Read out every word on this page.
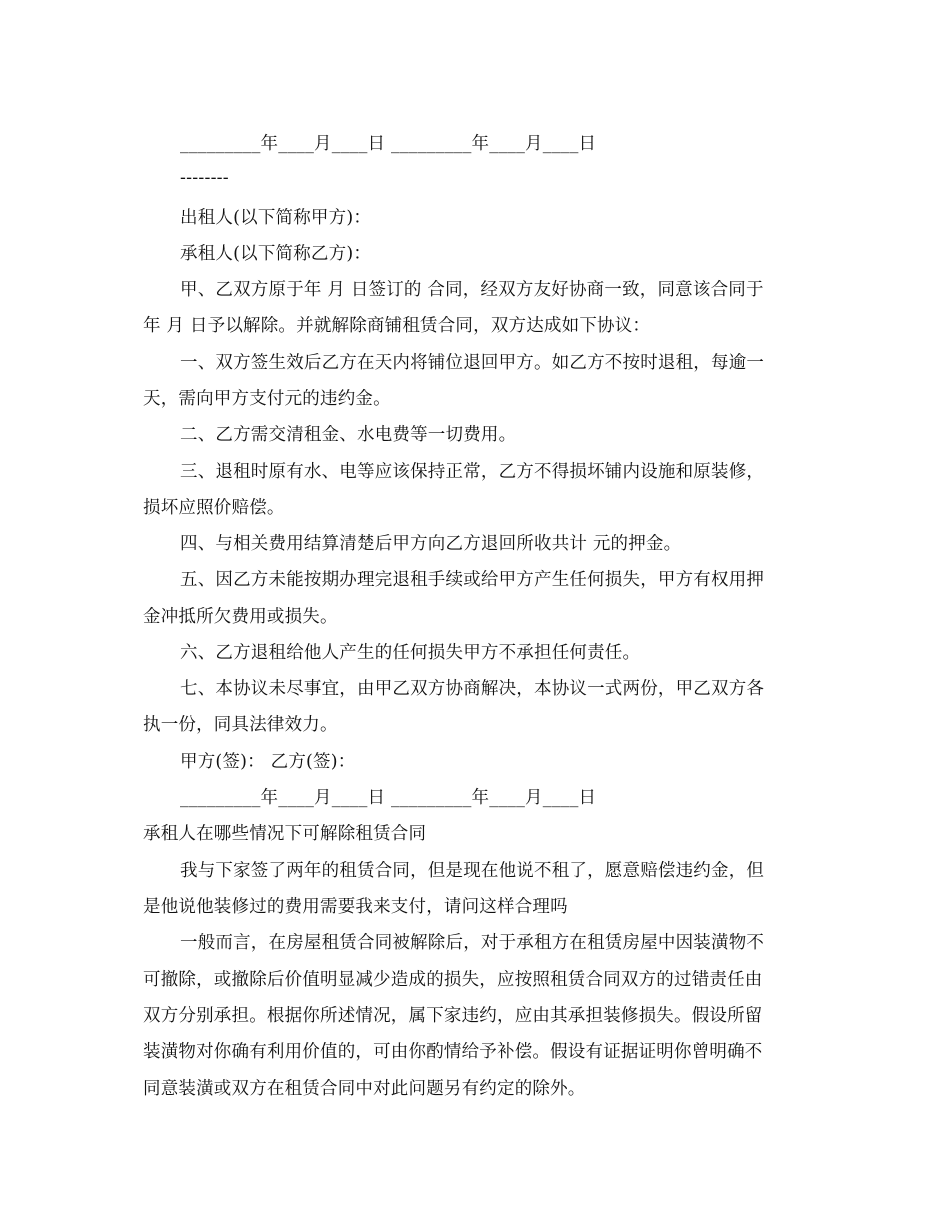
_________年____月____日 _________年____月____日
--------
出租人(以下简称甲方)：
承租人(以下简称乙方)：
甲、乙双方原于年 月 日签订的 合同，经双方友好协商一致，同意该合同于
年 月 日予以解除。并就解除商铺租赁合同，双方达成如下协议：
一、双方签生效后乙方在天内将铺位退回甲方。如乙方不按时退租，每逾一
天，需向甲方支付元的违约金。
二、乙方需交清租金、水电费等一切费用。
三、退租时原有水、电等应该保持正常，乙方不得损坏铺内设施和原装修，
损坏应照价赔偿。
四、与相关费用结算清楚后甲方向乙方退回所收共计 元的押金。
五、因乙方未能按期办理完退租手续或给甲方产生任何损失，甲方有权用押
金冲抵所欠费用或损失。
六、乙方退租给他人产生的任何损失甲方不承担任何责任。
七、本协议未尽事宜，由甲乙双方协商解决，本协议一式两份，甲乙双方各
执一份，同具法律效力。
甲方(签)： 乙方(签)：
_________年____月____日 _________年____月____日
承租人在哪些情况下可解除租赁合同
我与下家签了两年的租赁合同，但是现在他说不租了，愿意赔偿违约金，但
是他说他装修过的费用需要我来支付，请问这样合理吗
一般而言，在房屋租赁合同被解除后，对于承租方在租赁房屋中因装潢物不
可撤除，或撤除后价值明显减少造成的损失，应按照租赁合同双方的过错责任由
双方分别承担。根据你所述情况，属下家违约，应由其承担装修损失。假设所留
装潢物对你确有利用价值的，可由你酌情给予补偿。假设有证据证明你曾明确不
同意装潢或双方在租赁合同中对此问题另有约定的除外。
